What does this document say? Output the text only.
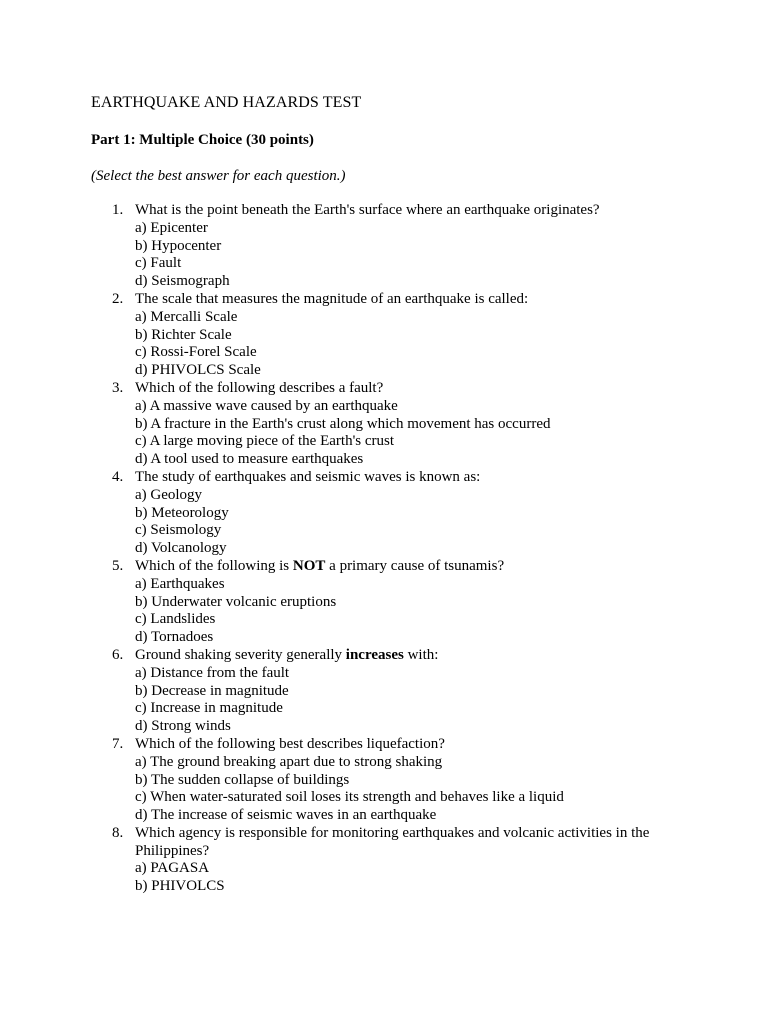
EARTHQUAKE AND HAZARDS TEST
Part 1: Multiple Choice (30 points)
(Select the best answer for each question.)
1. What is the point beneath the Earth's surface where an earthquake originates?
a) Epicenter
b) Hypocenter
c) Fault
d) Seismograph
2. The scale that measures the magnitude of an earthquake is called:
a) Mercalli Scale
b) Richter Scale
c) Rossi-Forel Scale
d) PHIVOLCS Scale
3. Which of the following describes a fault?
a) A massive wave caused by an earthquake
b) A fracture in the Earth's crust along which movement has occurred
c) A large moving piece of the Earth's crust
d) A tool used to measure earthquakes
4. The study of earthquakes and seismic waves is known as:
a) Geology
b) Meteorology
c) Seismology
d) Volcanology
5. Which of the following is NOT a primary cause of tsunamis?
a) Earthquakes
b) Underwater volcanic eruptions
c) Landslides
d) Tornadoes
6. Ground shaking severity generally increases with:
a) Distance from the fault
b) Decrease in magnitude
c) Increase in magnitude
d) Strong winds
7. Which of the following best describes liquefaction?
a) The ground breaking apart due to strong shaking
b) The sudden collapse of buildings
c) When water-saturated soil loses its strength and behaves like a liquid
d) The increase of seismic waves in an earthquake
8. Which agency is responsible for monitoring earthquakes and volcanic activities in the Philippines?
a) PAGASA
b) PHIVOLCS
